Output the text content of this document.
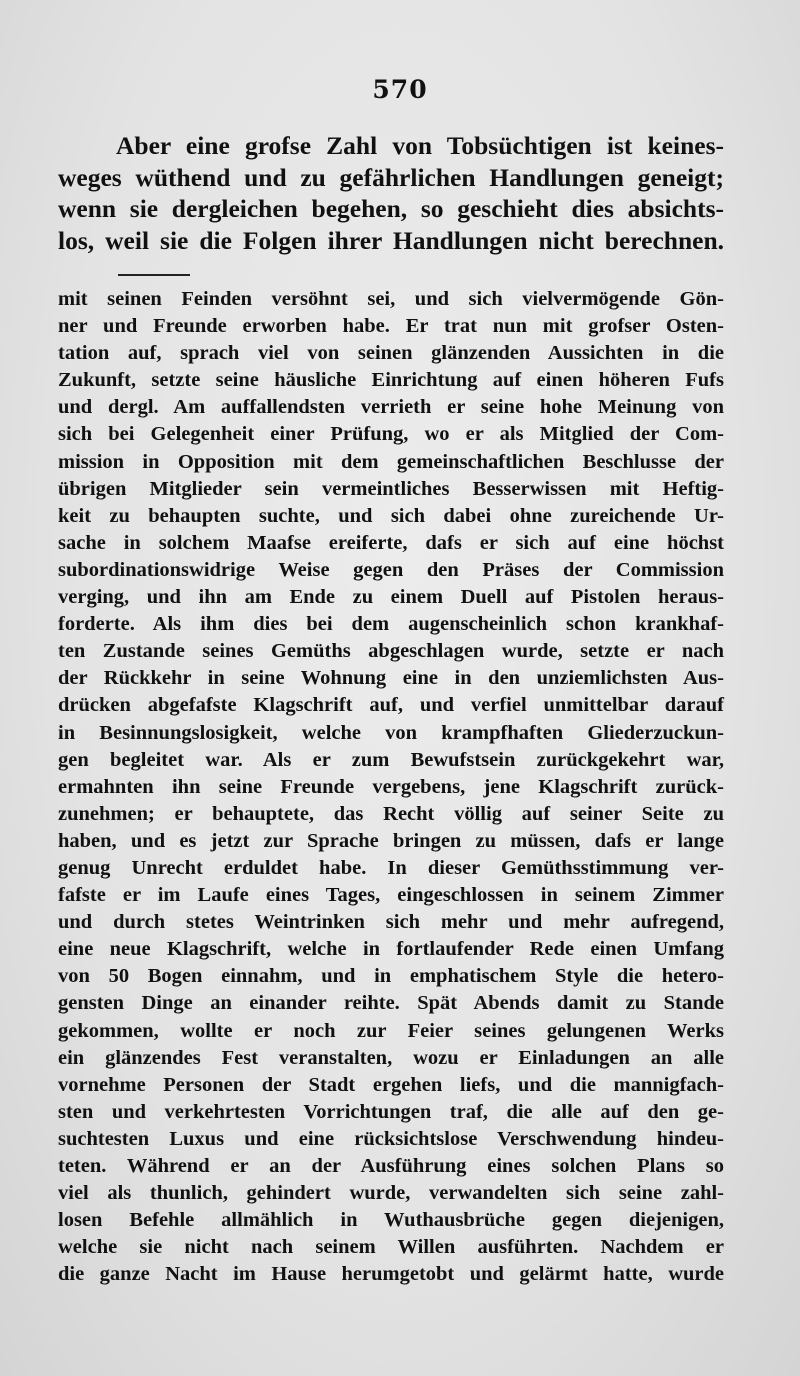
570
Aber eine grofse Zahl von Tobsüchtigen ist keines-
weges wüthend und zu gefährlichen Handlungen geneigt;
wenn sie dergleichen begehen, so geschieht dies absichts-
los, weil sie die Folgen ihrer Handlungen nicht berechnen.
mit seinen Feinden versöhnt sei, und sich vielvermögende Gön-
ner und Freunde erworben habe. Er trat nun mit grofser Osten-
tation auf, sprach viel von seinen glänzenden Aussichten in die
Zukunft, setzte seine häusliche Einrichtung auf einen höheren Fufs
und dergl. Am auffallendsten verrieth er seine hohe Meinung von
sich bei Gelegenheit einer Prüfung, wo er als Mitglied der Com-
mission in Opposition mit dem gemeinschaftlichen Beschlusse der
übrigen Mitglieder sein vermeintliches Besserwissen mit Heftig-
keit zu behaupten suchte, und sich dabei ohne zureichende Ur-
sache in solchem Maafse ereiferte, dafs er sich auf eine höchst
subordinationswidrige Weise gegen den Präses der Commission
verging, und ihn am Ende zu einem Duell auf Pistolen heraus-
forderte. Als ihm dies bei dem augenscheinlich schon krankhaf-
ten Zustande seines Gemüths abgeschlagen wurde, setzte er nach
der Rückkehr in seine Wohnung eine in den unziemlichsten Aus-
drücken abgefafste Klagschrift auf, und verfiel unmittelbar darauf
in Besinnungslosigkeit, welche von krampfhaften Gliederzuckun-
gen begleitet war. Als er zum Bewufstsein zurückgekehrt war,
ermahnten ihn seine Freunde vergebens, jene Klagschrift zurück-
zunehmen; er behauptete, das Recht völlig auf seiner Seite zu
haben, und es jetzt zur Sprache bringen zu müssen, dafs er lange
genug Unrecht erduldet habe. In dieser Gemüthsstimmung ver-
fafste er im Laufe eines Tages, eingeschlossen in seinem Zimmer
und durch stetes Weintrinken sich mehr und mehr aufregend,
eine neue Klagschrift, welche in fortlaufender Rede einen Umfang
von 50 Bogen einnahm, und in emphatischem Style die hetero-
gensten Dinge an einander reihte. Spät Abends damit zu Stande
gekommen, wollte er noch zur Feier seines gelungenen Werks
ein glänzendes Fest veranstalten, wozu er Einladungen an alle
vornehme Personen der Stadt ergehen liefs, und die mannigfach-
sten und verkehrtesten Vorrichtungen traf, die alle auf den ge-
suchtesten Luxus und eine rücksichtslose Verschwendung hindeu-
teten. Während er an der Ausführung eines solchen Plans so
viel als thunlich, gehindert wurde, verwandelten sich seine zahl-
losen Befehle allmählich in Wuthausbrüche gegen diejenigen,
welche sie nicht nach seinem Willen ausführten. Nachdem er
die ganze Nacht im Hause herumgetobt und gelärmt hatte, wurde
